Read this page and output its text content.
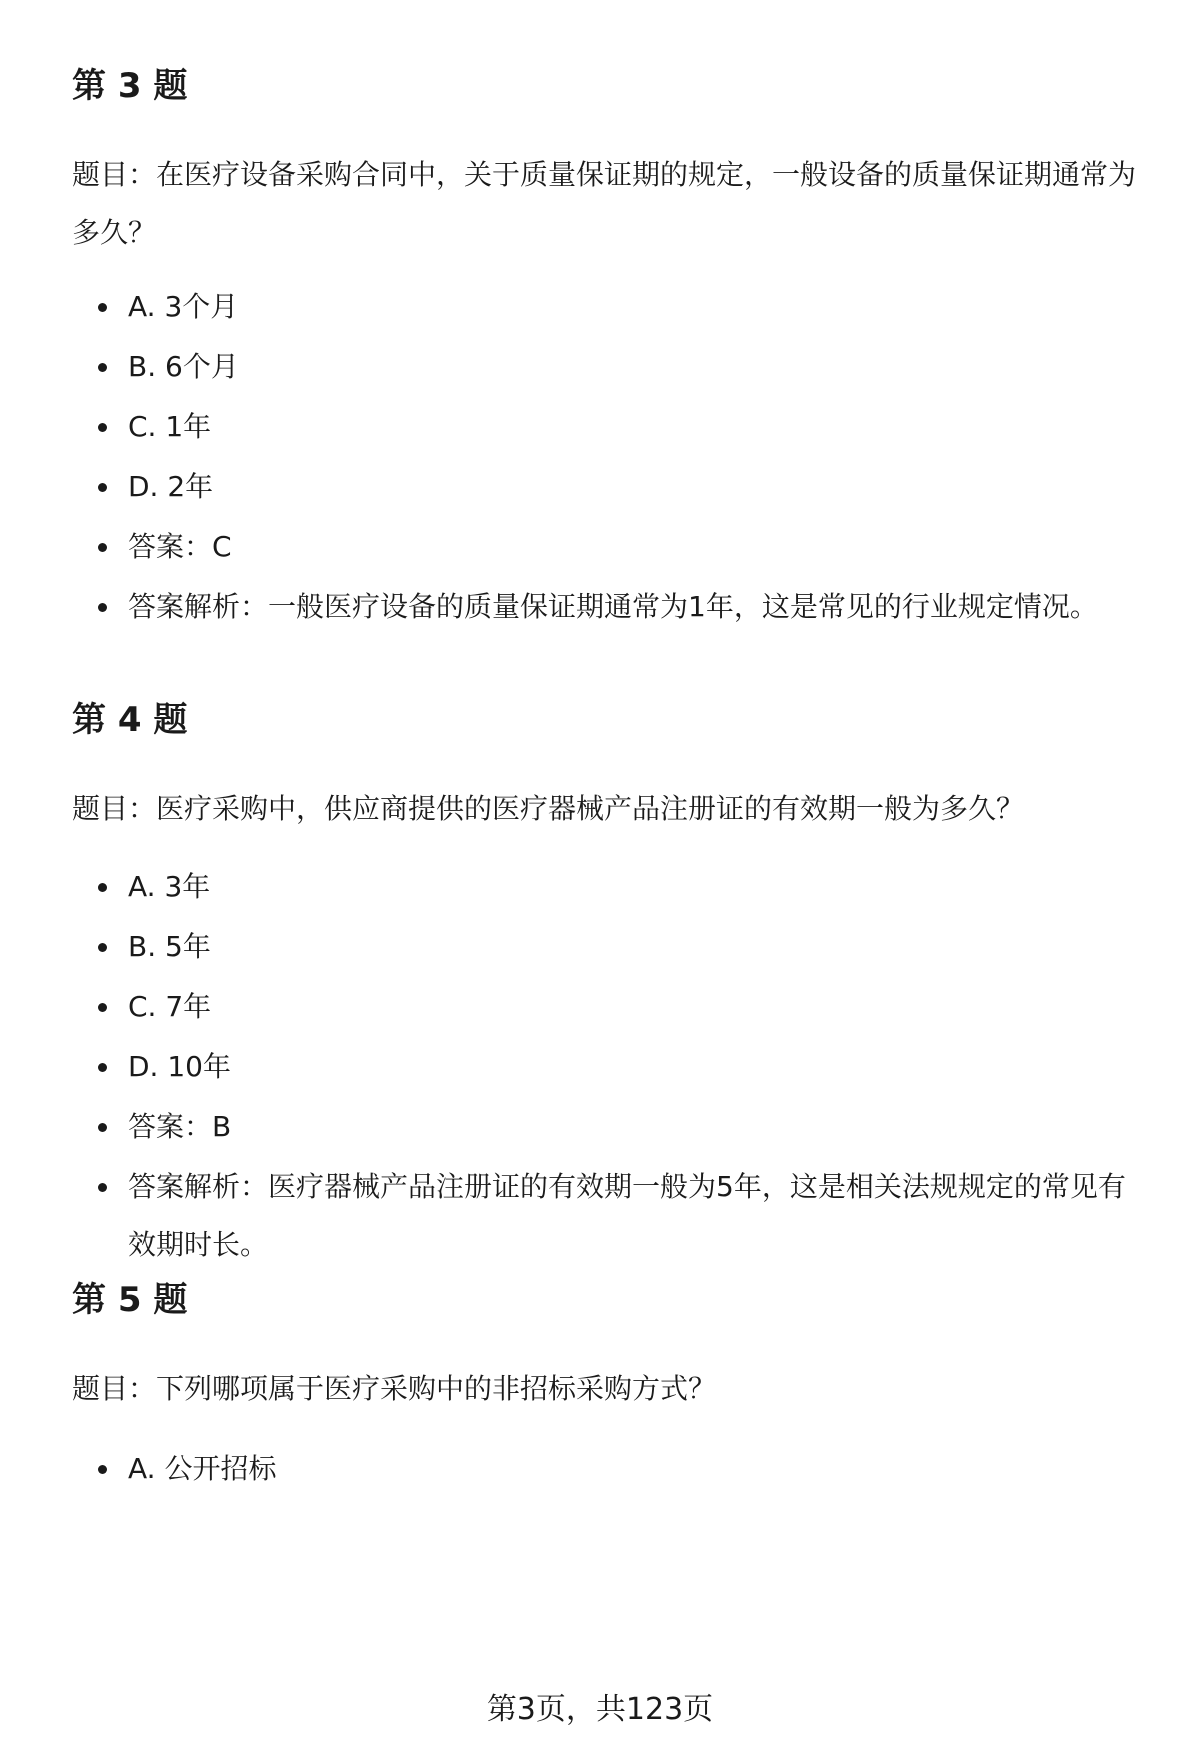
第 3 题

题目：在医疗设备采购合同中，关于质量保证期的规定，一般设备的质量保证期通常为多久？

A. 3个月
B. 6个月
C. 1年
D. 2年
答案：C
答案解析：一般医疗设备的质量保证期通常为1年，这是常见的行业规定情况。
第 4 题

题目：医疗采购中，供应商提供的医疗器械产品注册证的有效期一般为多久？

A. 3年
B. 5年
C. 7年
D. 10年
答案：B
答案解析：医疗器械产品注册证的有效期一般为5年，这是相关法规规定的常见有效期时长。
第 5 题

题目：下列哪项属于医疗采购中的非招标采购方式？

A. 公开招标
第3页，共123页
